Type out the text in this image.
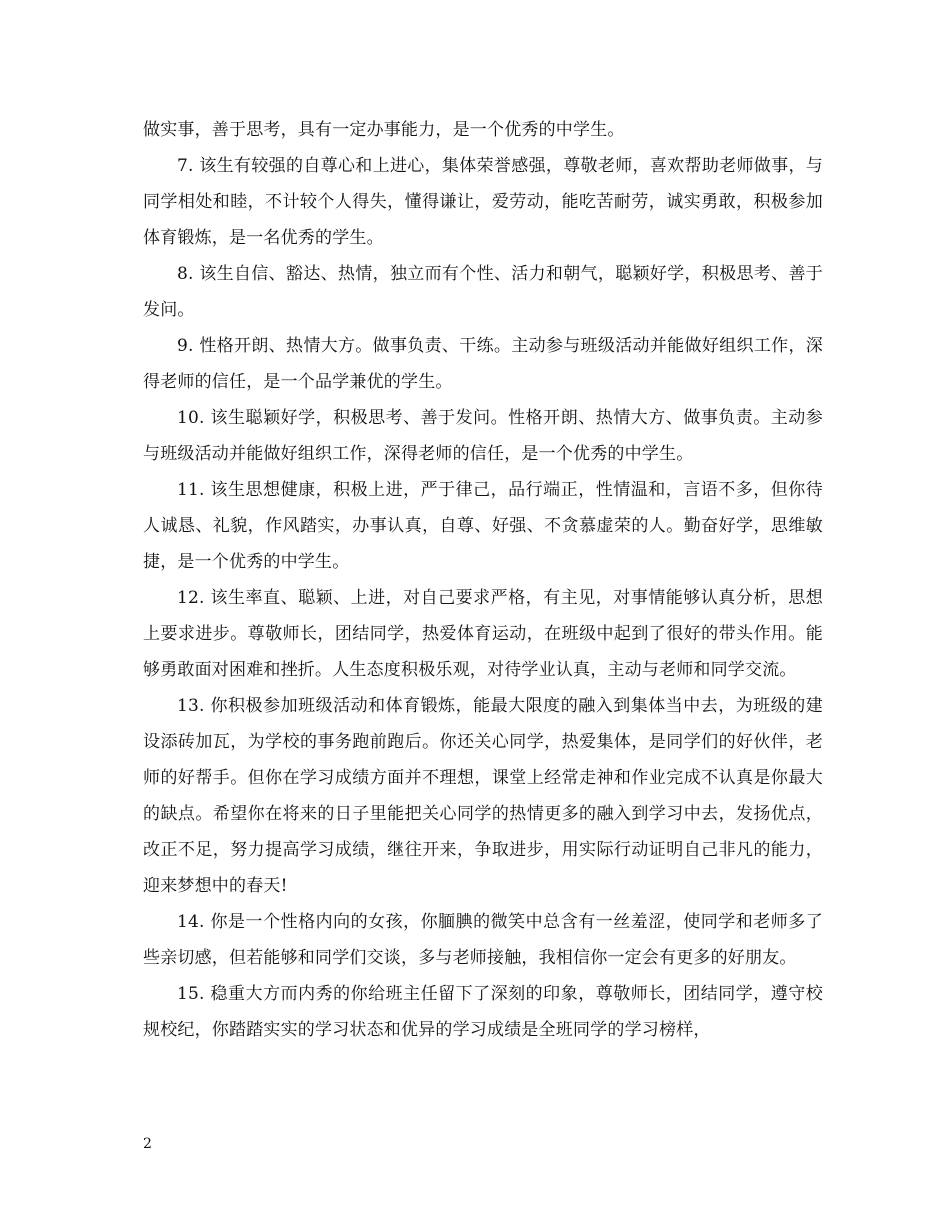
做实事，善于思考，具有一定办事能力，是一个优秀的中学生。

7. 该生有较强的自尊心和上进心，集体荣誉感强，尊敬老师，喜欢帮助老师做事，与同学相处和睦，不计较个人得失，懂得谦让，爱劳动，能吃苦耐劳，诚实勇敢，积极参加体育锻炼，是一名优秀的学生。

8. 该生自信、豁达、热情，独立而有个性、活力和朝气，聪颖好学，积极思考、善于发问。

9. 性格开朗、热情大方。做事负责、干练。主动参与班级活动并能做好组织工作，深得老师的信任，是一个品学兼优的学生。

10. 该生聪颖好学，积极思考、善于发问。性格开朗、热情大方、做事负责。主动参与班级活动并能做好组织工作，深得老师的信任，是一个优秀的中学生。

11. 该生思想健康，积极上进，严于律己，品行端正，性情温和，言语不多，但你待人诚恳、礼貌，作风踏实，办事认真，自尊、好强、不贪慕虚荣的人。勤奋好学，思维敏捷，是一个优秀的中学生。

12. 该生率直、聪颖、上进，对自己要求严格，有主见，对事情能够认真分析，思想上要求进步。尊敬师长，团结同学，热爱体育运动，在班级中起到了很好的带头作用。能够勇敢面对困难和挫折。人生态度积极乐观，对待学业认真，主动与老师和同学交流。

13. 你积极参加班级活动和体育锻炼，能最大限度的融入到集体当中去，为班级的建设添砖加瓦，为学校的事务跑前跑后。你还关心同学，热爱集体，是同学们的好伙伴，老师的好帮手。但你在学习成绩方面并不理想，课堂上经常走神和作业完成不认真是你最大的缺点。希望你在将来的日子里能把关心同学的热情更多的融入到学习中去，发扬优点，改正不足，努力提高学习成绩，继往开来，争取进步，用实际行动证明自己非凡的能力，迎来梦想中的春天!

14. 你是一个性格内向的女孩，你腼腆的微笑中总含有一丝羞涩，使同学和老师多了些亲切感，但若能够和同学们交谈，多与老师接触，我相信你一定会有更多的好朋友。

15. 稳重大方而内秀的你给班主任留下了深刻的印象，尊敬师长，团结同学，遵守校规校纪，你踏踏实实的学习状态和优异的学习成绩是全班同学的学习榜样，

2
